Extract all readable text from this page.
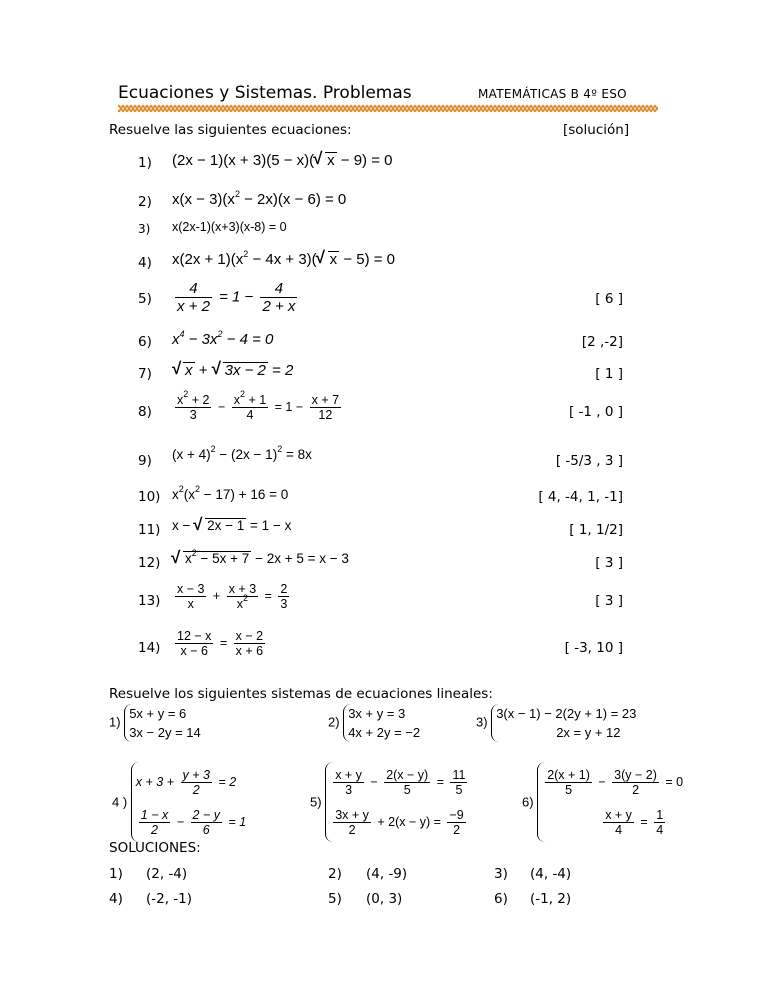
Ecuaciones y Sistemas. Problemas	MATEMÁTICAS B 4º ESO
Resuelve las siguientes ecuaciones:	[solución]
1) (2x − 1)(x + 3)(5 − x)(√ x − 9) = 0
2) $x(x - 3)(x^2 - 2x)(x - 6) = 0$
3) x(2x-1)(x+3)(x-8) = 0
4) $x(2x + 1)(x^2 - 4x + 3)(√$ x − 5) = 0
$5) \frac{4}{x + 2} = 1 - \frac{4}{2 + x}$	[ 6 ]
6) $x^4 - 3x^2 - 4 = 0$	[2 ,-2]
7)
√	x + √ 3x − 2 = 2	[ 1 ]
$8) \frac{x^2 + 2}{3} - \frac{x^2 + 1}{4} = 1 - \frac{x + 7}{12}$	[ -1 , 0 ]
9) $(x + 4)^2 - (2x - 1)^2 = 8x$	[ -5/3 , 3 ]
10) $x^2(x^2 - 17) + 16 = 0$	[ 4, -4, 1, -1]
11) x − √ 2x − 1 = 1 − x	[ 1, 1/2]
12)
√	$x^2 - 5x + 7 - 2x + 5 = x - 3$	[ 3 ]
$13) \frac{x - 3}{x} + \frac{x + 3}{x^2} = \frac{2}{3}$	[ 3 ]
$14) \frac{12 - x}{x - 6} = \frac{x - 2}{x + 6}$	[ -3, 10 ]
Resuelve los siguientes sistemas de ecuaciones lineales:
1)
5x + y = 6
3x − 2y = 14
2)
3x + y = 3
4x + 2y = −2
3)
3(x − 1) − 2(2y + 1) = 23
2x = y + 12
4 )
$x + 3 + \frac{y + 3}{2} = 2$
$\frac{1 - x}{2} - \frac{2 - y}{6} = 1$
5)
$\frac{x + y}{3} - \frac{2(x - y)}{5} = \frac{11}{5}$
$\frac{3x + y}{2} + 2(x - y) = \frac{-9}{2}$
6)
$\frac{2(x + 1)}{5} - \frac{3(y - 2)}{2} = 0$
$\frac{x + y}{4} = \frac{1}{4}$
SOLUCIONES:
1) (2, -4)	2) (4, -9)	3) (4, -4)
4) (-2, -1)	5) (0, 3)	6) (-1, 2)
